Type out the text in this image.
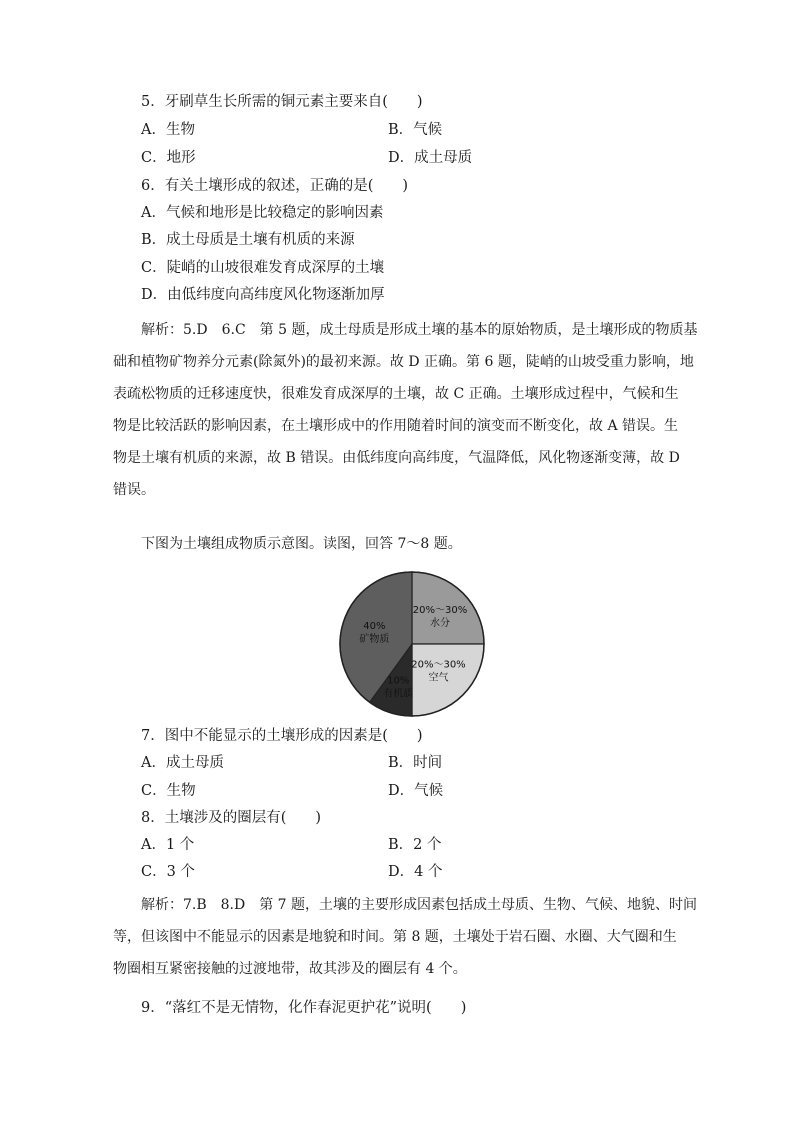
5．牙刷草生长所需的铜元素主要来自(　　)
A．生物	B．气候
C．地形	D．成土母质
6．有关土壤形成的叙述，正确的是(　　)
A．气候和地形是比较稳定的影响因素
B．成土母质是土壤有机质的来源
C．陡峭的山坡很难发育成深厚的土壤
D．由低纬度向高纬度风化物逐渐加厚
解析：5.D　6.C　第 5 题，成土母质是形成土壤的基本的原始物质，是土壤形成的物质基
础和植物矿物养分元素(除氮外)的最初来源。故 D 正确。第 6 题，陡峭的山坡受重力影响，地
表疏松物质的迁移速度快，很难发育成深厚的土壤，故 C 正确。土壤形成过程中，气候和生
物是比较活跃的影响因素，在土壤形成中的作用随着时间的演变而不断变化，故 A 错误。生
物是土壤有机质的来源，故 B 错误。由低纬度向高纬度，气温降低，风化物逐渐变薄，故 D
错误。
下图为土壤组成物质示意图。读图，回答 7～8 题。
20%～30%
水分
20%～30%
空气
10%
有机质
40%
矿物质
7．图中不能显示的土壤形成的因素是(　　)
A．成土母质	B．时间
C．生物	D．气候
8．土壤涉及的圈层有(　　)
A．1 个	B．2 个
C．3 个	D．4 个
解析：7.B　8.D　第 7 题，土壤的主要形成因素包括成土母质、生物、气候、地貌、时间
等，但该图中不能显示的因素是地貌和时间。第 8 题，土壤处于岩石圈、水圈、大气圈和生
物圈相互紧密接触的过渡地带，故其涉及的圈层有 4 个。
9．“落红不是无情物，化作春泥更护花”说明(　　)
